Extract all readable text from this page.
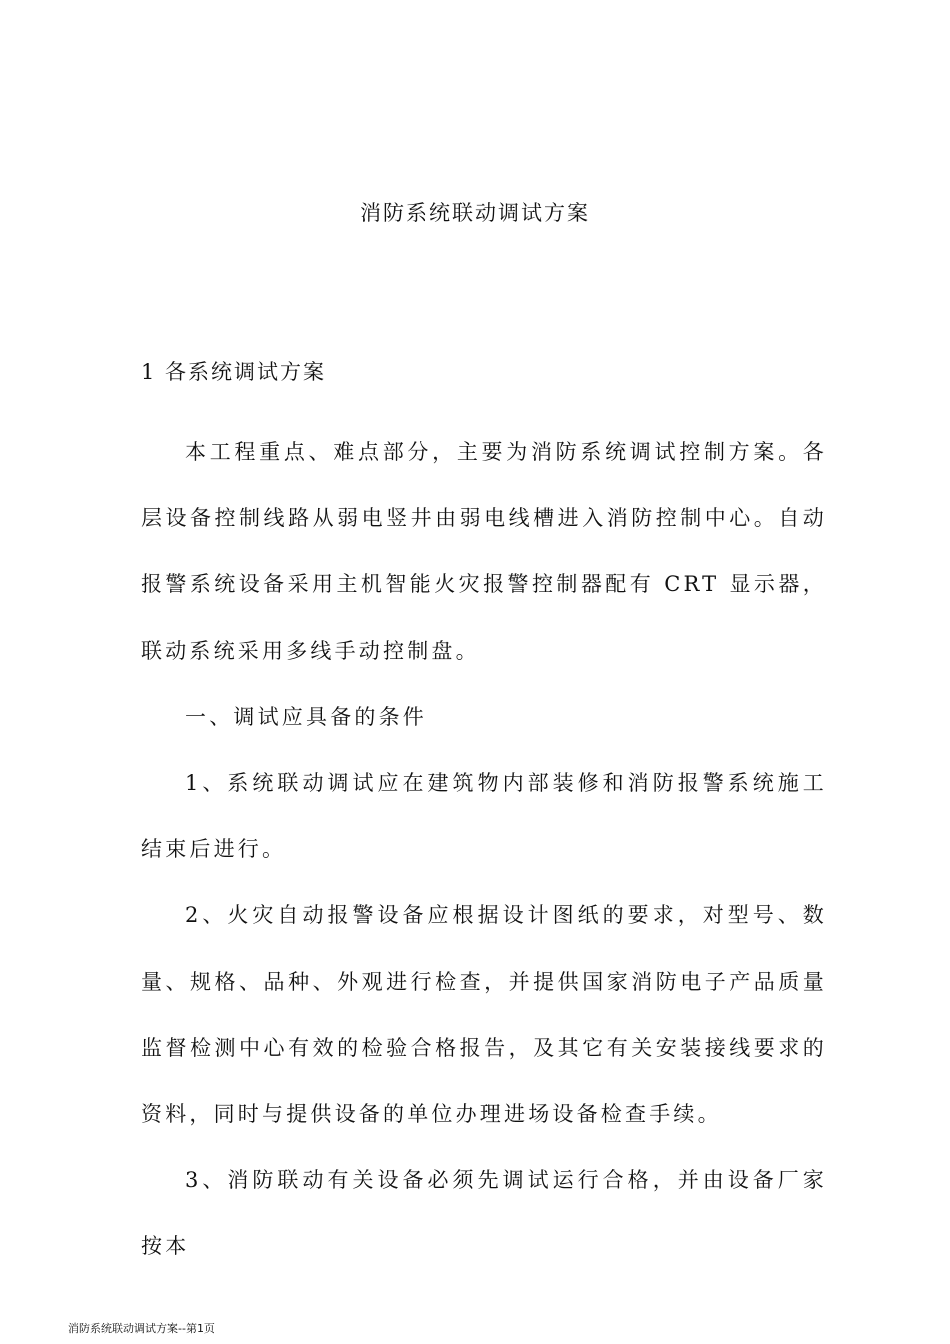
消防系统联动调试方案
1 各系统调试方案

本工程重点、难点部分，主要为消防系统调试控制方案。各层设备控制线路从弱电竖井由弱电线槽进入消防控制中心。自动 报警系统设备采用主机智能火灾报警控制器配有 CRT 显示器， 联动系统采用多线手动控制盘。

一、调试应具备的条件

1、系统联动调试应在建筑物内部装修和消防报警系统施工 结束后进行。

2、火灾自动报警设备应根据设计图纸的要求，对型号、数 量、规格、品种、外观进行检查，并提供国家消防电子产品质量 监督检测中心有效的检验合格报告，及其它有关安装接线要求的 资料，同时与提供设备的单位办理进场设备检查手续。

3、消防联动有关设备必须先调试运行合格，并由设备厂家 按本

消防系统联动调试方案--第1页
